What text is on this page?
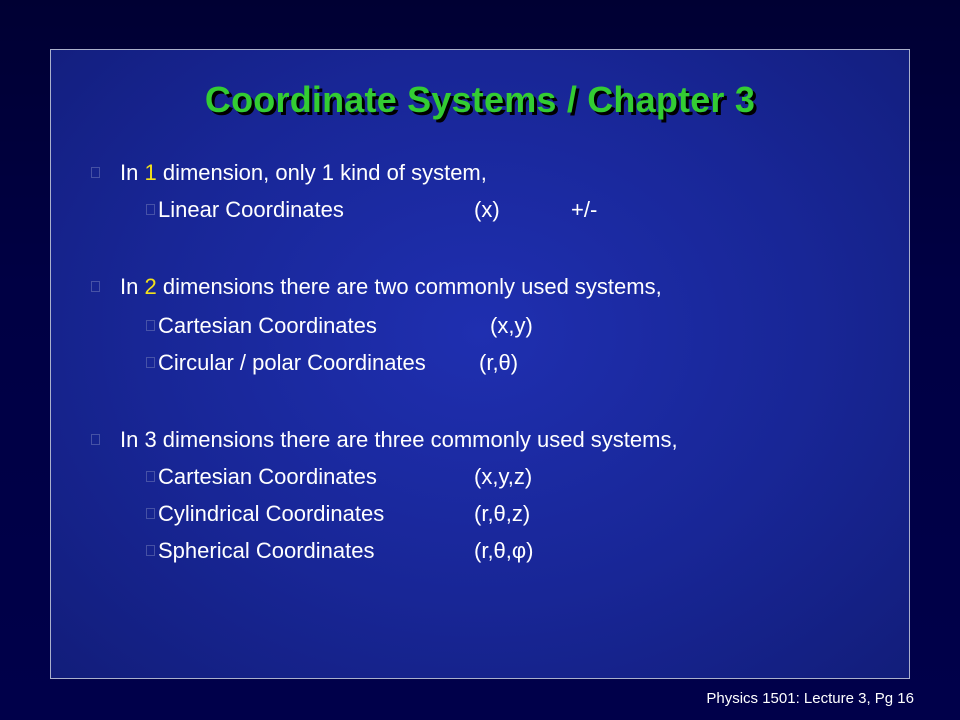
Coordinate Systems / Chapter 3
In 1 dimension, only 1 kind of system,
Linear Coordinates	(x)	+/-
In 2 dimensions there are two commonly used systems,
Cartesian Coordinates	(x,y)
Circular / polar Coordinates (r,θ)
In 3 dimensions there are three commonly used systems,
Cartesian Coordinates	(x,y,z)
Cylindrical Coordinates	(r,θ,z)
Spherical Coordinates	(r,θ,φ)
Physics 1501: Lecture 3, Pg 16
